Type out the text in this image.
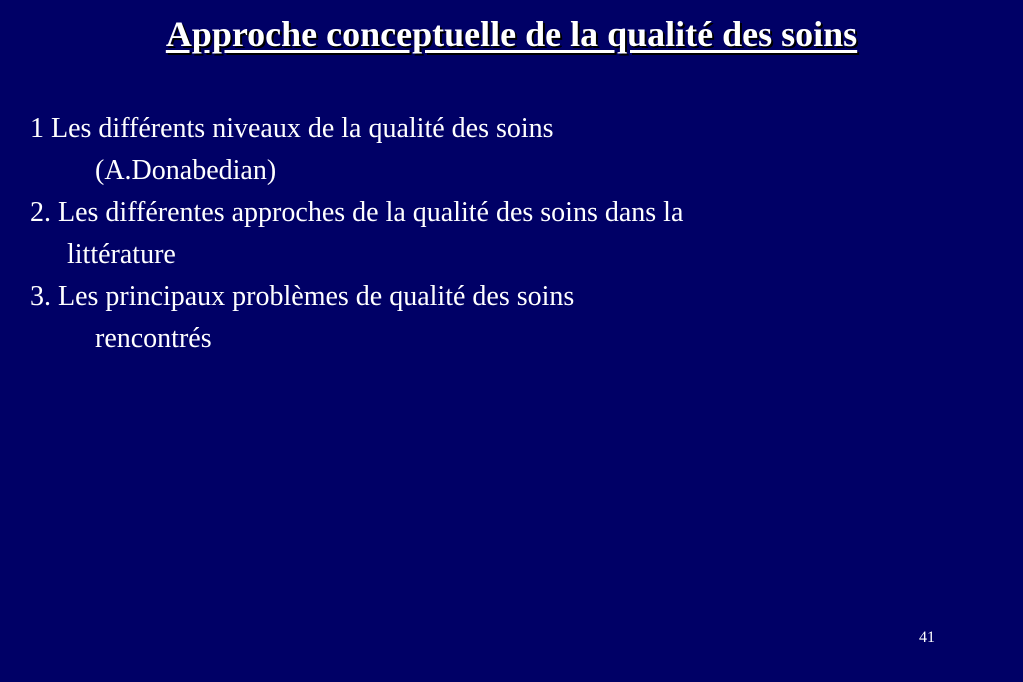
Approche conceptuelle de la qualité des soins
1 Les différents niveaux de la qualité des soins
(A.Donabedian)
2. Les différentes approches de la qualité des soins dans la
littérature
3. Les principaux problèmes de qualité des soins
rencontrés
41
